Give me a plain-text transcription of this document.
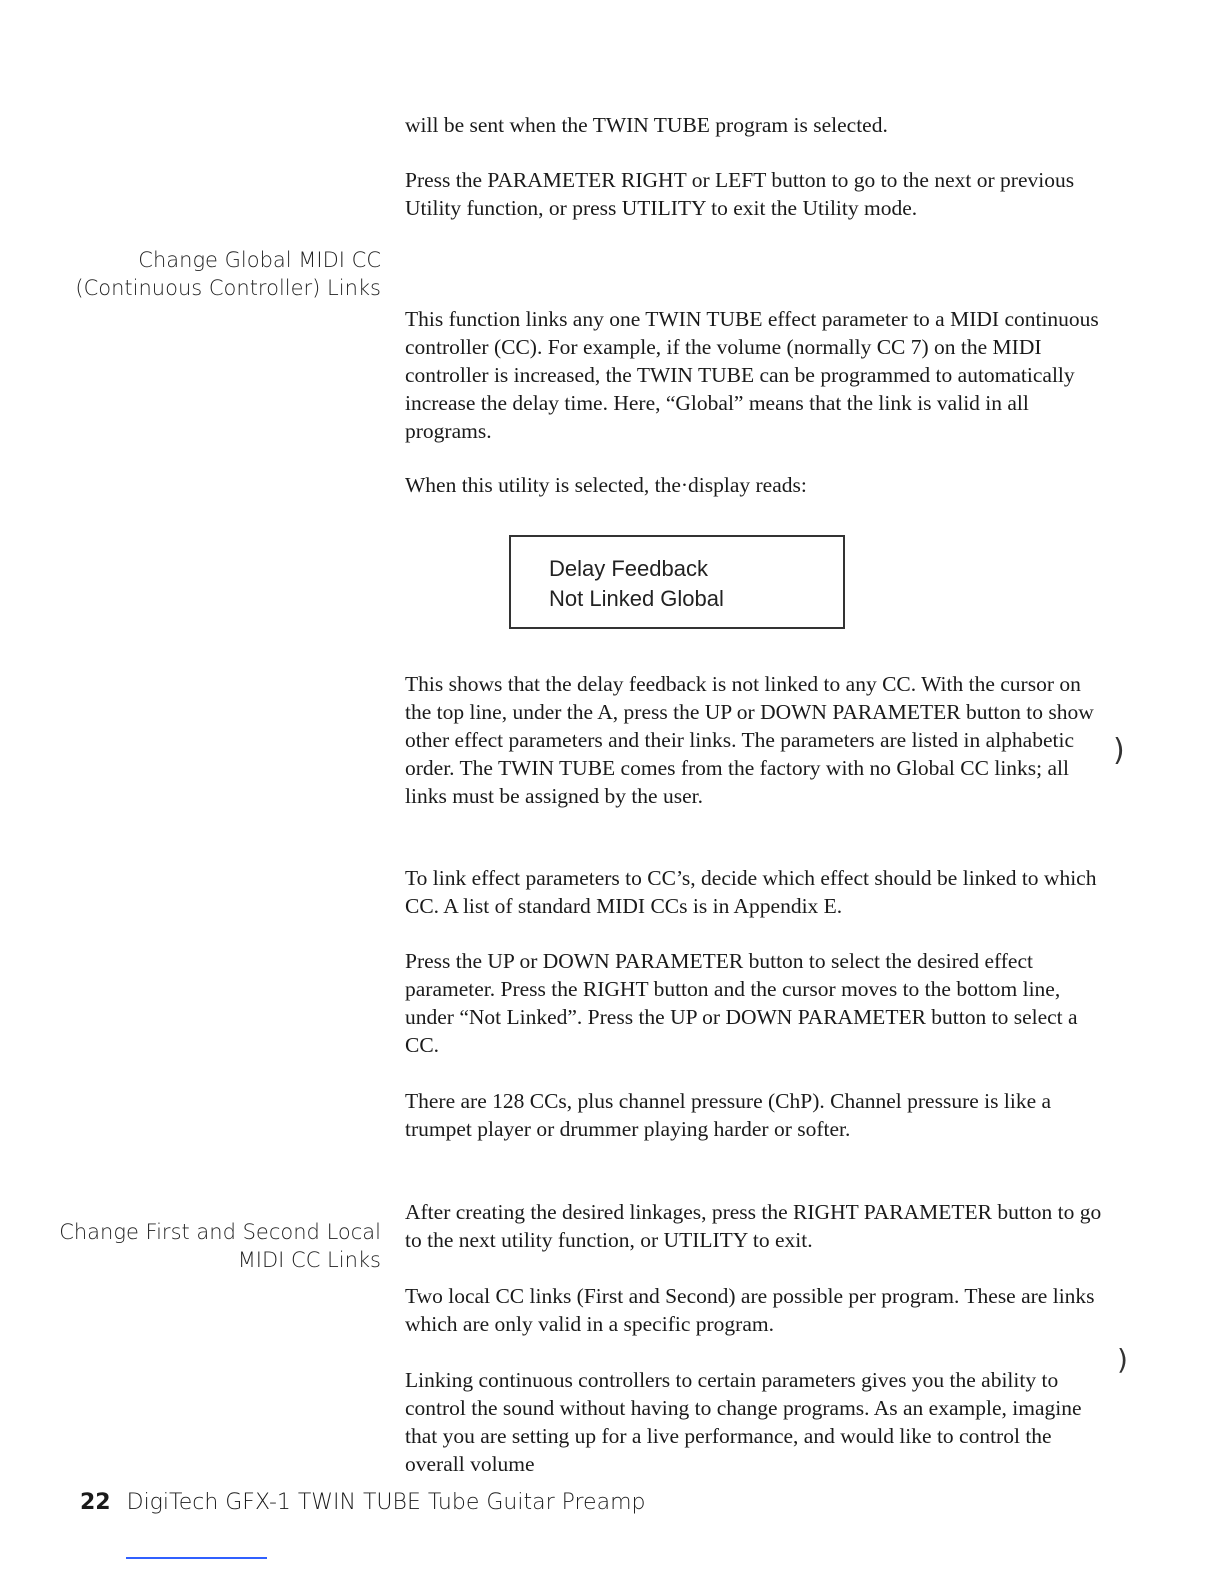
will be sent when the TWIN TUBE program is selected.

Press the PARAMETER RIGHT or LEFT button to go to the next or previous Utility function, or press UTILITY to exit the Utility mode.

Change Global MIDI CC (Continuous Controller) Links

This function links any one TWIN TUBE effect parameter to a MIDI continuous controller (CC). For example, if the volume (normally CC 7) on the MIDI controller is increased, the TWIN TUBE can be programmed to automatically increase the delay time. Here, “Global” means that the link is valid in all programs.

When this utility is selected, the·display reads:

Delay Feedback
Not Linked Global

This shows that the delay feedback is not linked to any CC. With the cursor on the top line, under the A, press the UP or DOWN PARAMETER button to show other effect parameters and their links. The parameters are listed in alphabetic order. The TWIN TUBE comes from the factory with no Global CC links; all links must be assigned by the user.

To link effect parameters to CC’s, decide which effect should be linked to which CC. A list of standard MIDI CCs is in Appendix E.

Press the UP or DOWN PARAMETER button to select the desired effect parameter. Press the RIGHT button and the cursor moves to the bottom line, under “Not Linked”. Press the UP or DOWN PARAMETER button to select a CC.

There are 128 CCs, plus channel pressure (ChP). Channel pressure is like a trumpet player or drummer playing harder or softer.

After creating the desired linkages, press the RIGHT PARAMETER button to go to the next utility function, or UTILITY to exit.

Change First and Second Local MIDI CC Links

Two local CC links (First and Second) are possible per program. These are links which are only valid in a specific program.

Linking continuous controllers to certain parameters gives you the ability to control the sound without having to change programs. As an example, imagine that you are setting up for a live performance, and would like to control the overall volume

)
)
22 DigiTech GFX-1 TWIN TUBE Tube Guitar Preamp
